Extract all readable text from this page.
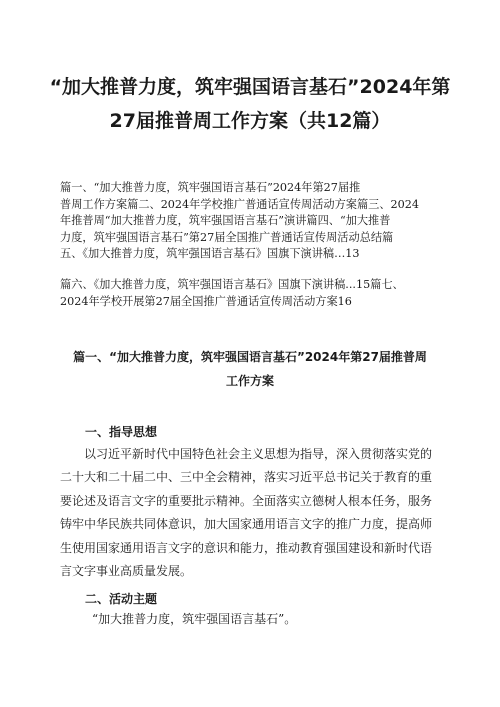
“加大推普力度，筑牢强国语言基石”2024年第
27届推普周工作方案（共12篇）
篇一、“加大推普力度，筑牢强国语言基石”2024年第27届推
普周工作方案篇二、2024年学校推广普通话宣传周活动方案篇三、2024
年推普周“加大推普力度，筑牢强国语言基石”演讲篇四、“加大推普
力度，筑牢强国语言基石”第27届全国推广普通话宣传周活动总结篇
五、《加大推普力度，筑牢强国语言基石》国旗下演讲稿…13
篇六、《加大推普力度，筑牢强国语言基石》国旗下演讲稿...15篇七、
2024年学校开展第27届全国推广普通话宣传周活动方案16
篇一、“加大推普力度，筑牢强国语言基石”2024年第27届推普周
工作方案
一、指导思想
以习近平新时代中国特色社会主义思想为指导，深入贯彻落实党的
二十大和二十届二中、三中全会精神，落实习近平总书记关于教育的重
要论述及语言文字的重要批示精神。全面落实立德树人根本任务，服务
铸牢中华民族共同体意识，加大国家通用语言文字的推广力度，提高师
生使用国家通用语言文字的意识和能力，推动教育强国建设和新时代语
言文字事业高质量发展。
二、活动主题
“加大推普力度，筑牢强国语言基石”。
